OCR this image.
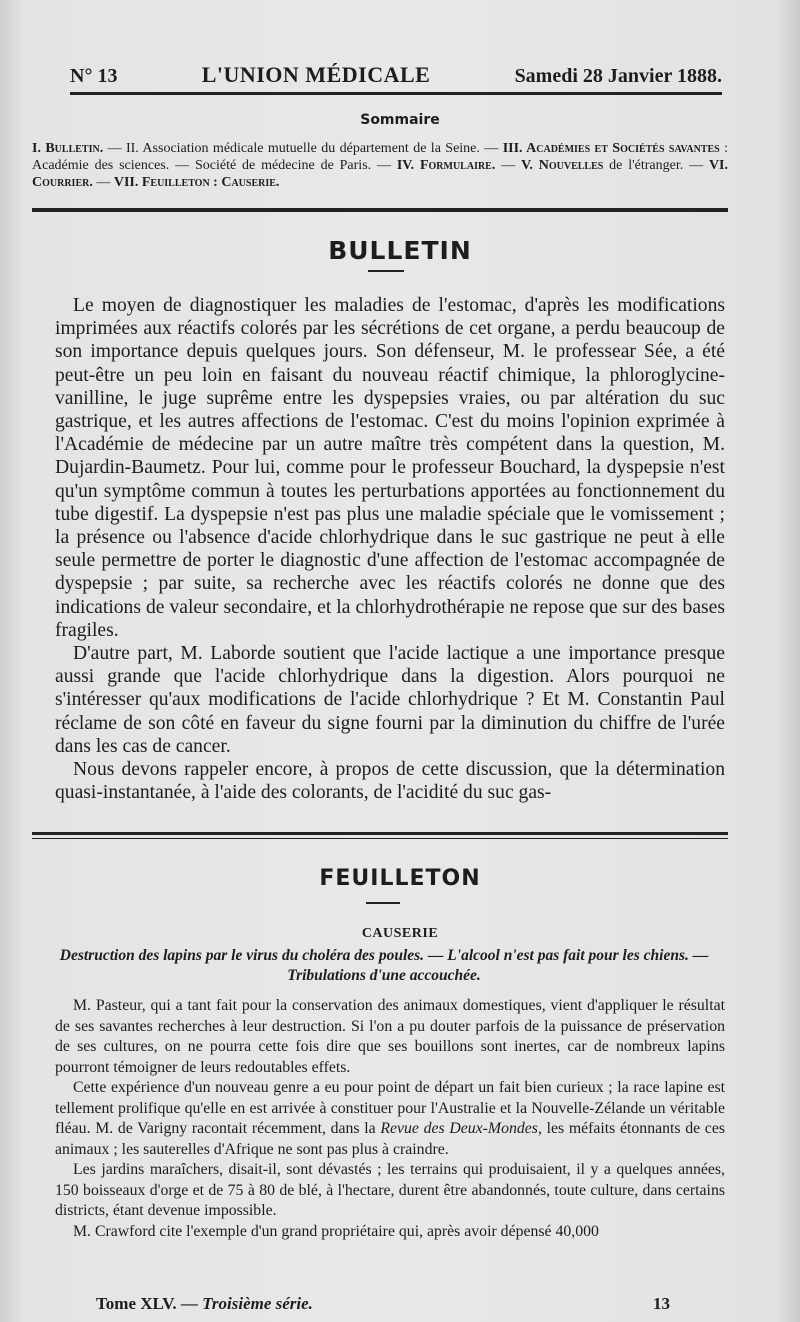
N° 13	L'UNION MÉDICALE	Samedi 28 Janvier 1888.
Sommaire
I. Bulletin. — II. Association médicale mutuelle du département de la Seine. — III. Académies et Sociétés savantes : Académie des sciences. — Société de médecine de Paris. — IV. Formulaire. — V. Nouvelles de l'étranger. — VI. Courrier. — VII. Feuilleton : Causerie.
BULLETIN

Le moyen de diagnostiquer les maladies de l'estomac, d'après les modifications imprimées aux réactifs colorés par les sécrétions de cet organe, a perdu beaucoup de son importance depuis quelques jours. Son défenseur, M. le professear Sée, a été peut-être un peu loin en faisant du nouveau réactif chimique, la phloroglycine-vanilline, le juge suprême entre les dyspepsies vraies, ou par altération du suc gastrique, et les autres affections de l'estomac. C'est du moins l'opinion exprimée à l'Académie de médecine par un autre maître très compétent dans la question, M. Dujardin-Baumetz. Pour lui, comme pour le professeur Bouchard, la dyspepsie n'est qu'un symptôme commun à toutes les perturbations apportées au fonctionnement du tube digestif. La dyspepsie n'est pas plus une maladie spéciale que le vomissement ; la présence ou l'absence d'acide chlorhydrique dans le suc gastrique ne peut à elle seule permettre de porter le diagnostic d'une affection de l'estomac accompagnée de dyspepsie ; par suite, sa recherche avec les réactifs colorés ne donne que des indications de valeur secondaire, et la chlorhydrothérapie ne repose que sur des bases fragiles.

D'autre part, M. Laborde soutient que l'acide lactique a une importance presque aussi grande que l'acide chlorhydrique dans la digestion. Alors pourquoi ne s'intéresser qu'aux modifications de l'acide chlorhydrique ? Et M. Constantin Paul réclame de son côté en faveur du signe fourni par la diminution du chiffre de l'urée dans les cas de cancer.

Nous devons rappeler encore, à propos de cette discussion, que la détermination quasi-instantanée, à l'aide des colorants, de l'acidité du suc gas-

FEUILLETON
CAUSERIE
Destruction des lapins par le virus du choléra des poules. — L'alcool n'est pas fait pour les chiens. — Tribulations d'une accouchée.

M. Pasteur, qui a tant fait pour la conservation des animaux domestiques, vient d'appliquer le résultat de ses savantes recherches à leur destruction. Si l'on a pu douter parfois de la puissance de préservation de ses cultures, on ne pourra cette fois dire que ses bouillons sont inertes, car de nombreux lapins pourront témoigner de leurs redoutables effets.

Cette expérience d'un nouveau genre a eu pour point de départ un fait bien curieux ; la race lapine est tellement prolifique qu'elle en est arrivée à constituer pour l'Australie et la Nouvelle-Zélande un véritable fléau. M. de Varigny racontait récemment, dans la Revue des Deux-Mondes, les méfaits étonnants de ces animaux ; les sauterelles d'Afrique ne sont pas plus à craindre.

Les jardins maraîchers, disait-il, sont dévastés ; les terrains qui produisaient, il y a quelques années, 150 boisseaux d'orge et de 75 à 80 de blé, à l'hectare, durent être abandonnés, toute culture, dans certains districts, étant devenue impossible.

M. Crawford cite l'exemple d'un grand propriétaire qui, après avoir dépensé 40,000

Tome XLV. — Troisième série.	13
